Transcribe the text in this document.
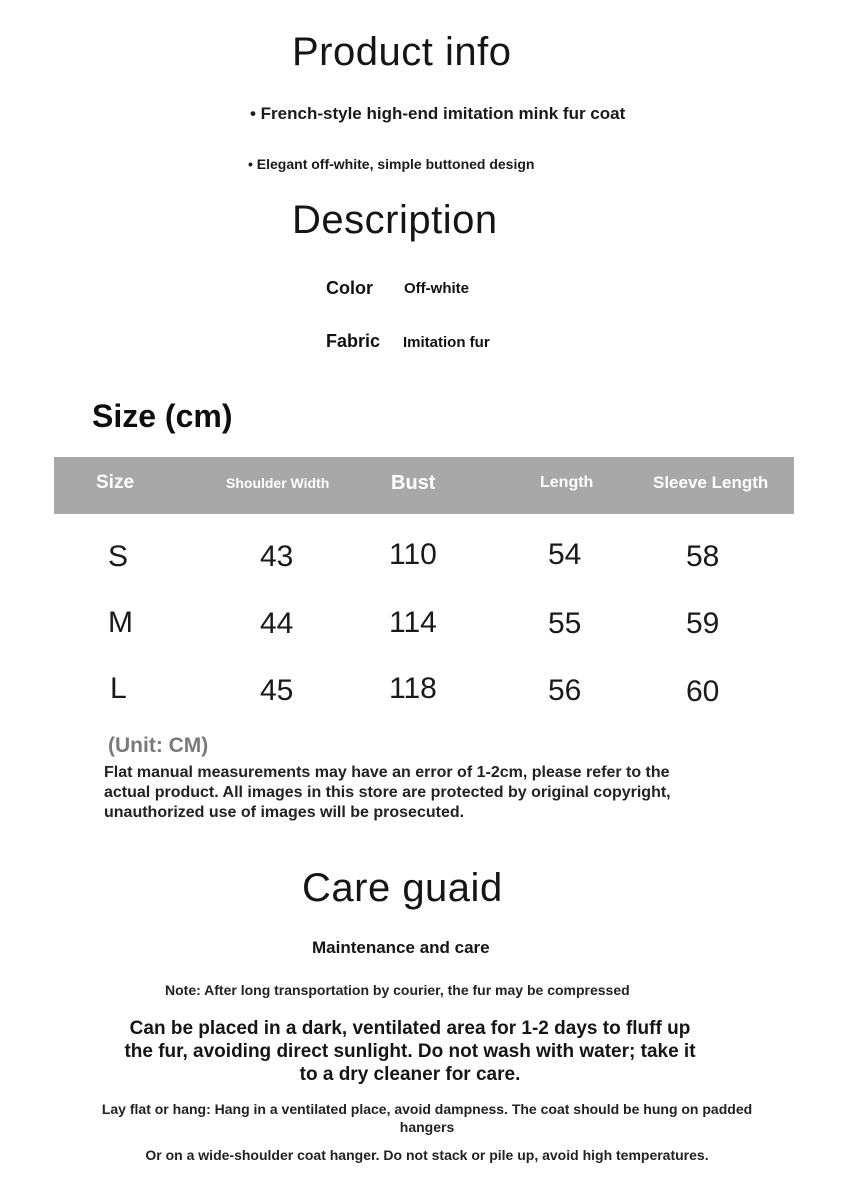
Product info
• French-style high-end imitation mink fur coat
• Elegant off-white, simple buttoned design
Description
Color Off-white
Fabric Imitation fur
Size (cm)
Size	Shoulder Width	Bust	Length	Sleeve Length
S	43	110	54	58
M	44	114	55	59
L	45	118	56	60
(Unit: CM)
Flat manual measurements may have an error of 1-2cm, please refer to the
actual product. All images in this store are protected by original copyright,
unauthorized use of images will be prosecuted.
Care guaid
Maintenance and care
Note: After long transportation by courier, the fur may be compressed
Can be placed in a dark, ventilated area for 1-2 days to fluff up
the fur, avoiding direct sunlight. Do not wash with water; take it
to a dry cleaner for care.
Lay flat or hang: Hang in a ventilated place, avoid dampness. The coat should be hung on padded
hangers
Or on a wide-shoulder coat hanger. Do not stack or pile up, avoid high temperatures.
